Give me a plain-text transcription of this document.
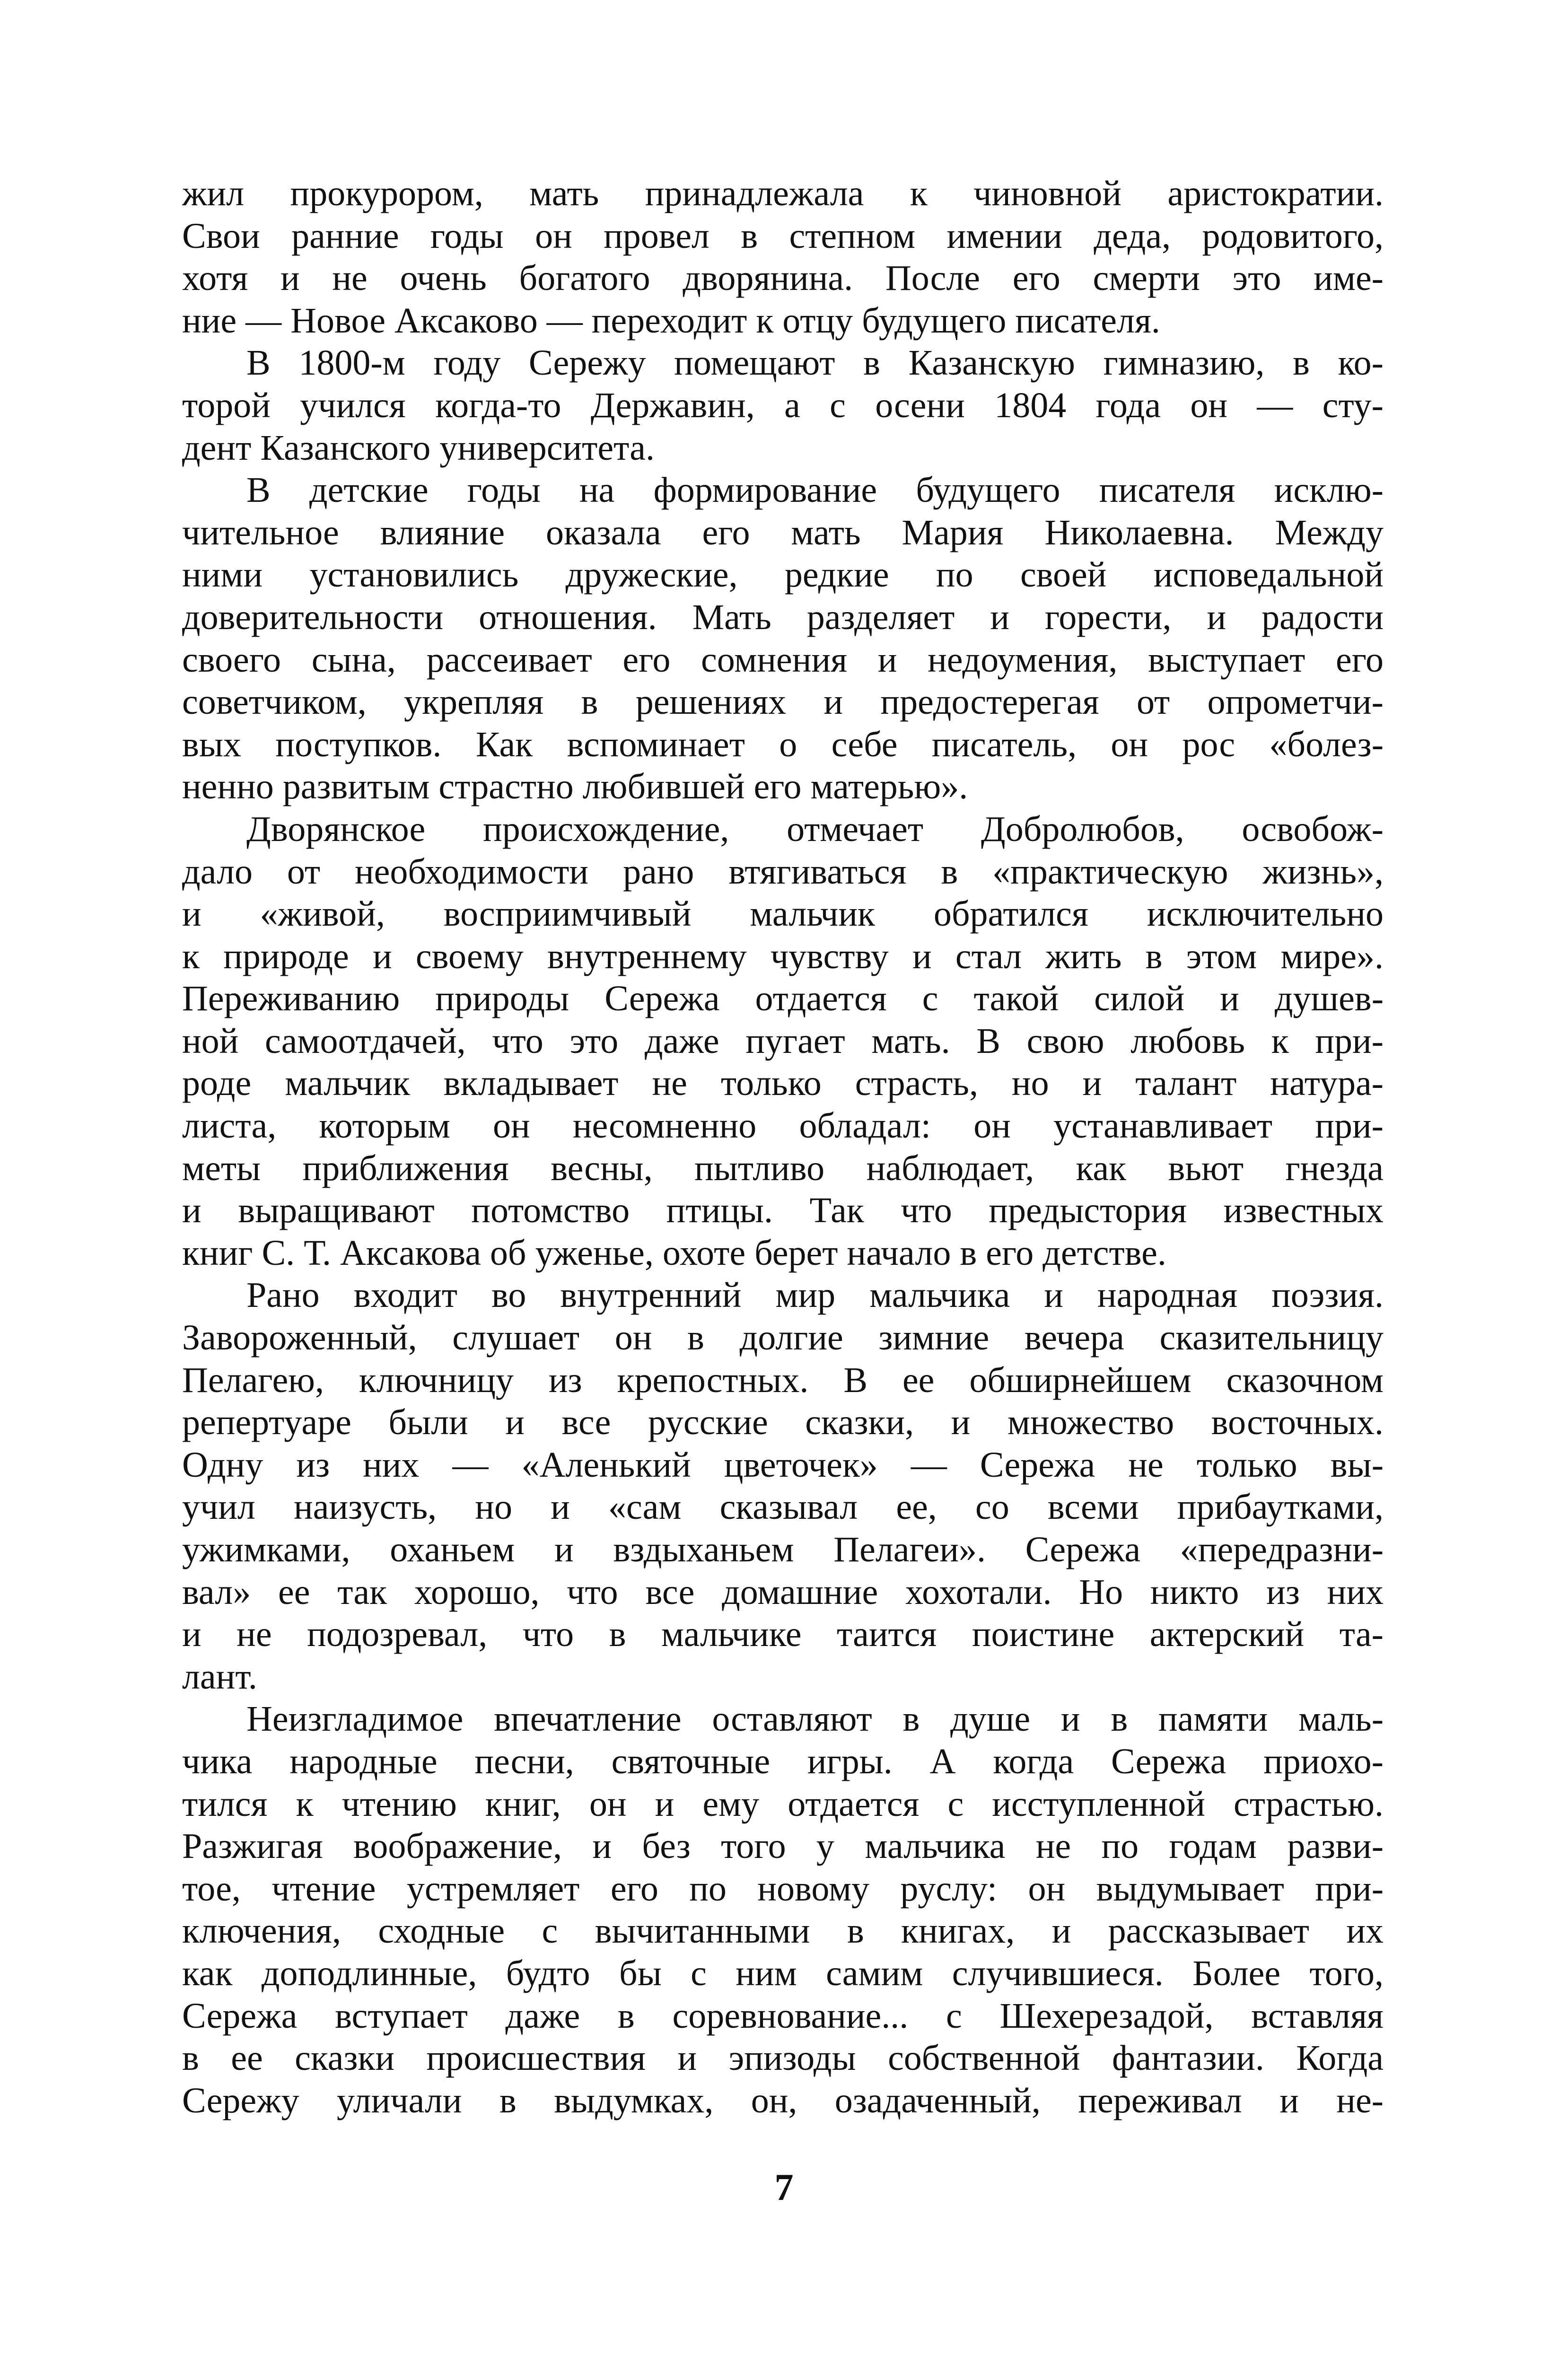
жил прокурором, мать принадлежала к чиновной аристократии.
Свои ранние годы он провел в степном имении деда, родовитого,
хотя и не очень богатого дворянина. После его смерти это име-
ние — Новое Аксаково — переходит к отцу будущего писателя.
В 1800-м году Сережу помещают в Казанскую гимназию, в ко-
торой учился когда-то Державин, а с осени 1804 года он — сту-
дент Казанского университета.
В детские годы на формирование будущего писателя исклю-
чительное влияние оказала его мать Мария Николаевна. Между
ними установились дружеские, редкие по своей исповедальной
доверительности отношения. Мать разделяет и горести, и радости
своего сына, рассеивает его сомнения и недоумения, выступает его
советчиком, укрепляя в решениях и предостерегая от опрометчи-
вых поступков. Как вспоминает о себе писатель, он рос «болез-
ненно развитым страстно любившей его матерью».
Дворянское происхождение, отмечает Добролюбов, освобож-
дало от необходимости рано втягиваться в «практическую жизнь»,
и «живой, восприимчивый мальчик обратился исключительно
к природе и своему внутреннему чувству и стал жить в этом мире».
Переживанию природы Сережа отдается с такой силой и душев-
ной самоотдачей, что это даже пугает мать. В свою любовь к при-
роде мальчик вкладывает не только страсть, но и талант натура-
листа, которым он несомненно обладал: он устанавливает при-
меты приближения весны, пытливо наблюдает, как вьют гнезда
и выращивают потомство птицы. Так что предыстория известных
книг С. Т. Аксакова об уженье, охоте берет начало в его детстве.
Рано входит во внутренний мир мальчика и народная поэзия.
Завороженный, слушает он в долгие зимние вечера сказительницу
Пелагею, ключницу из крепостных. В ее обширнейшем сказочном
репертуаре были и все русские сказки, и множество восточных.
Одну из них — «Аленький цветочек» — Сережа не только вы-
учил наизусть, но и «сам сказывал ее, со всеми прибаутками,
ужимками, оханьем и вздыханьем Пелагеи». Сережа «передразни-
вал» ее так хорошо, что все домашние хохотали. Но никто из них
и не подозревал, что в мальчике таится поистине актерский та-
лант.
Неизгладимое впечатление оставляют в душе и в памяти маль-
чика народные песни, святочные игры. А когда Сережа приохо-
тился к чтению книг, он и ему отдается с исступленной страстью.
Разжигая воображение, и без того у мальчика не по годам разви-
тое, чтение устремляет его по новому руслу: он выдумывает при-
ключения, сходные с вычитанными в книгах, и рассказывает их
как доподлинные, будто бы с ним самим случившиеся. Более того,
Сережа вступает даже в соревнование... с Шехерезадой, вставляя
в ее сказки происшествия и эпизоды собственной фантазии. Когда
Сережу уличали в выдумках, он, озадаченный, переживал и не-
7
